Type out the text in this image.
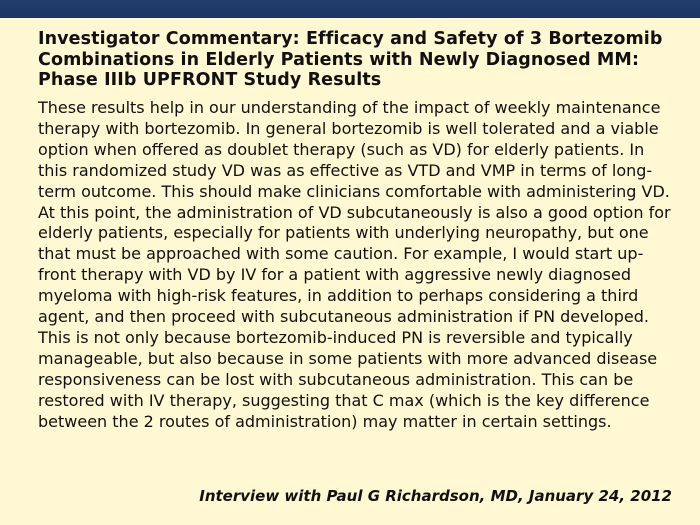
Investigator Commentary: Efficacy and Safety of 3 Bortezomib Combinations in Elderly Patients with Newly Diagnosed MM: Phase IIIb UPFRONT Study Results

These results help in our understanding of the impact of weekly maintenance therapy with bortezomib. In general bortezomib is well tolerated and a viable option when offered as doublet therapy (such as VD) for elderly patients. In this randomized study VD was as effective as VTD and VMP in terms of long-term outcome. This should make clinicians comfortable with administering VD. At this point, the administration of VD subcutaneously is also a good option for elderly patients, especially for patients with underlying neuropathy, but one that must be approached with some caution. For example, I would start up-front therapy with VD by IV for a patient with aggressive newly diagnosed myeloma with high-risk features, in addition to perhaps considering a third agent, and then proceed with subcutaneous administration if PN developed. This is not only because bortezomib-induced PN is reversible and typically manageable, but also because in some patients with more advanced disease responsiveness can be lost with subcutaneous administration. This can be restored with IV therapy, suggesting that C max (which is the key difference between the 2 routes of administration) may matter in certain settings.

Interview with Paul G Richardson, MD, January 24, 2012
